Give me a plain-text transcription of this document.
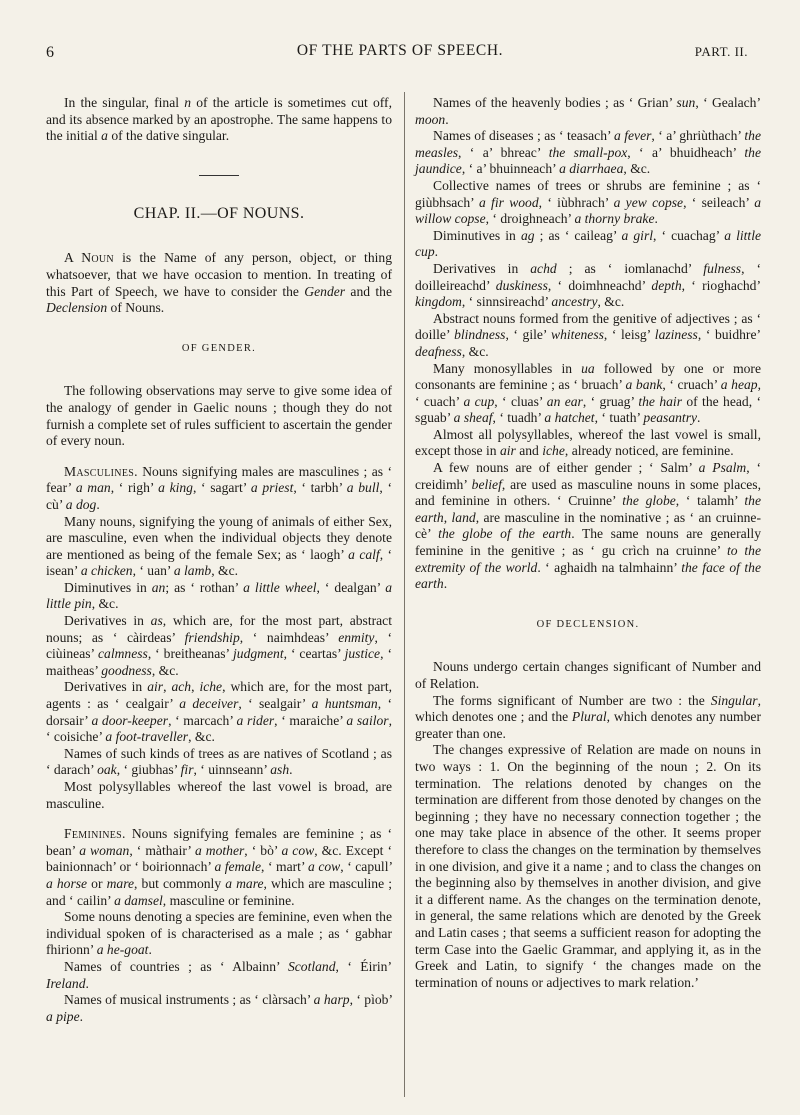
6	OF THE PARTS OF SPEECH.	PART. II.

In the singular, final n of the article is sometimes cut off, and its absence marked by an apostrophe. The same happens to the initial a of the dative singular.

CHAP. II.—OF NOUNS.

A Noun is the Name of any person, object, or thing whatsoever, that we have occasion to mention. In treating of this Part of Speech, we have to consider the Gender and the Declension of Nouns.

OF GENDER.

The following observations may serve to give some idea of the analogy of gender in Gaelic nouns ; though they do not furnish a complete set of rules sufficient to ascertain the gender of every noun.

Masculines. Nouns signifying males are masculines ; as ‘ fear’ a man, ‘ righ’ a king, ‘ sagart’ a priest, ‘ tarbh’ a bull, ‘ cù’ a dog.

Many nouns, signifying the young of animals of either Sex, are masculine, even when the individual objects they denote are mentioned as being of the female Sex; as ‘ laogh’ a calf, ‘ isean’ a chicken, ‘ uan’ a lamb, &c.

Diminutives in an; as ‘ rothan’ a little wheel, ‘ dealgan’ a little pin, &c.

Derivatives in as, which are, for the most part, abstract nouns; as ‘ càirdeas’ friendship, ‘ naimhdeas’ enmity, ‘ ciùineas’ calmness, ‘ breitheanas’ judgment, ‘ ceartas’ justice, ‘ maitheas’ goodness, &c.

Derivatives in air, ach, iche, which are, for the most part, agents : as ‘ cealgair’ a deceiver, ‘ sealgair’ a huntsman, ‘ dorsair’ a door-keeper, ‘ marcach’ a rider, ‘ maraiche’ a sailor, ‘ coisiche’ a foot-traveller, &c.

Names of such kinds of trees as are natives of Scotland ; as ‘ darach’ oak, ‘ giubhas’ fir, ‘ uinnseann’ ash.

Most polysyllables whereof the last vowel is broad, are masculine.

Feminines. Nouns signifying females are feminine ; as ‘ bean’ a woman, ‘ màthair’ a mother, ‘ bò’ a cow, &c. Except ‘ bainionnach’ or ‘ boirionnach’ a female, ‘ mart’ a cow, ‘ capull’ a horse or mare, but commonly a mare, which are masculine ; and ‘ cailin’ a damsel, masculine or feminine.

Some nouns denoting a species are feminine, even when the individual spoken of is characterised as a male ; as ‘ gabhar fhirionn’ a he-goat.

Names of countries ; as ‘ Albainn’ Scotland, ‘ Éirin’ Ireland.

Names of musical instruments ; as ‘ clàrsach’ a harp, ‘ pìob’ a pipe.

Names of the heavenly bodies ; as ‘ Grian’ sun, ‘ Gealach’ moon.

Names of diseases ; as ‘ teasach’ a fever, ‘ a’ ghriùthach’ the measles, ‘ a’ bhreac’ the small-pox, ‘ a’ bhuidheach’ the jaundice, ‘ a’ bhuinneach’ a diarrhaea, &c.

Collective names of trees or shrubs are feminine ; as ‘ giùbhsach’ a fir wood, ‘ iùbhrach’ a yew copse, ‘ seileach’ a willow copse, ‘ droighneach’ a thorny brake.

Diminutives in ag ; as ‘ caileag’ a girl, ‘ cuachag’ a little cup.

Derivatives in achd ; as ‘ iomlanachd’ fulness, ‘ doilleireachd’ duskiness, ‘ doimhneachd’ depth, ‘ rioghachd’ kingdom, ‘ sinnsireachd’ ancestry, &c.

Abstract nouns formed from the genitive of adjectives ; as ‘ doille’ blindness, ‘ gile’ whiteness, ‘ leisg’ laziness, ‘ buidhre’ deafness, &c.

Many monosyllables in ua followed by one or more consonants are feminine ; as ‘ bruach’ a bank, ‘ cruach’ a heap, ‘ cuach’ a cup, ‘ cluas’ an ear, ‘ gruag’ the hair of the head, ‘ sguab’ a sheaf, ‘ tuadh’ a hatchet, ‘ tuath’ peasantry.

Almost all polysyllables, whereof the last vowel is small, except those in air and iche, already noticed, are feminine.

A few nouns are of either gender ; ‘ Salm’ a Psalm, ‘ creidimh’ belief, are used as masculine nouns in some places, and feminine in others. ‘ Cruinne’ the globe, ‘ talamh’ the earth, land, are masculine in the nominative ; as ‘ an cruinne-cè’ the globe of the earth. The same nouns are generally feminine in the genitive ; as ‘ gu crìch na cruinne’ to the extremity of the world. ‘ aghaidh na talmhainn’ the face of the earth.

OF DECLENSION.

Nouns undergo certain changes significant of Number and of Relation.

The forms significant of Number are two : the Singular, which denotes one ; and the Plural, which denotes any number greater than one.

The changes expressive of Relation are made on nouns in two ways : 1. On the beginning of the noun ; 2. On its termination. The relations denoted by changes on the termination are different from those denoted by changes on the beginning ; they have no necessary connection together ; the one may take place in absence of the other. It seems proper therefore to class the changes on the termination by themselves in one division, and give it a name ; and to class the changes on the beginning also by themselves in another division, and give it a different name. As the changes on the termination denote, in general, the same relations which are denoted by the Greek and Latin cases ; that seems a sufficient reason for adopting the term Case into the Gaelic Grammar, and applying it, as in the Greek and Latin, to signify ‘ the changes made on the termination of nouns or adjectives to mark relation.’
